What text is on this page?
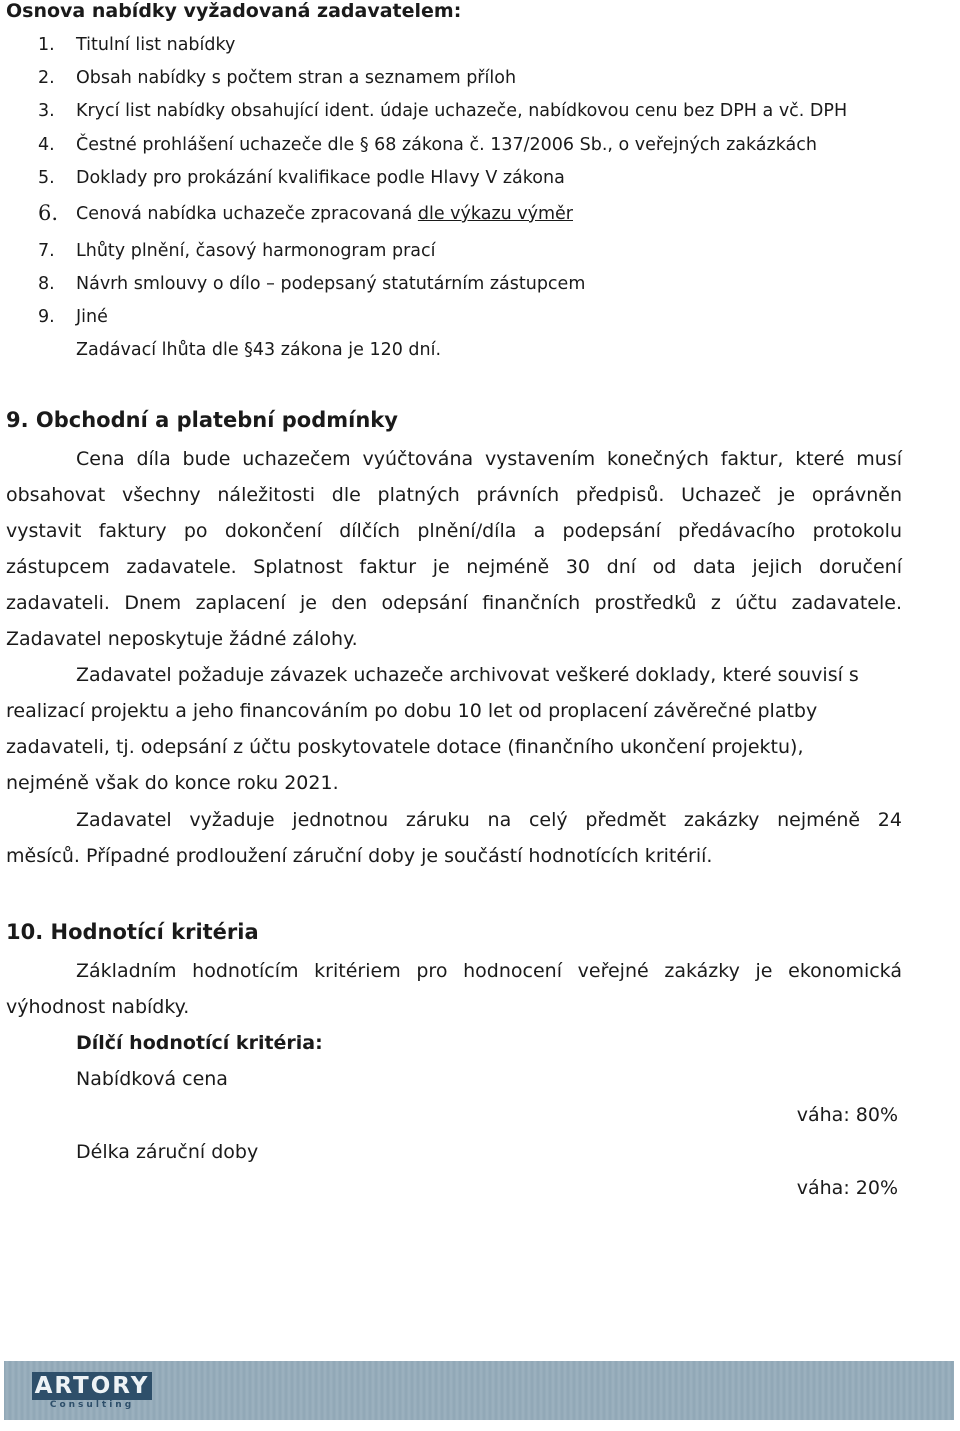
Osnova nabídky vyžadovaná zadavatelem:
1.	Titulní list nabídky
2.	Obsah nabídky s počtem stran a seznamem příloh
3.	Krycí list nabídky obsahující ident. údaje uchazeče, nabídkovou cenu bez DPH a vč. DPH
4.	Čestné prohlášení uchazeče dle § 68 zákona č. 137/2006 Sb., o veřejných zakázkách
5.	Doklady pro prokázání kvalifikace podle Hlavy V zákona
6.	Cenová nabídka uchazeče zpracovaná dle výkazu výměr
7.	Lhůty plnění, časový harmonogram prací
8.	Návrh smlouvy o dílo – podepsaný statutárním zástupcem
9.	Jiné
Zadávací lhůta dle §43 zákona je 120 dní.
9. Obchodní a platební podmínky
Cena díla bude uchazečem vyúčtována vystavením konečných faktur, které musí
obsahovat všechny náležitosti dle platných právních předpisů. Uchazeč je oprávněn
vystavit faktury po dokončení dílčích plnění/díla a podepsání předávacího protokolu
zástupcem zadavatele. Splatnost faktur je nejméně 30 dní od data jejich doručení
zadavateli. Dnem zaplacení je den odepsání finančních prostředků z účtu zadavatele.
Zadavatel neposkytuje žádné zálohy.
Zadavatel požaduje závazek uchazeče archivovat veškeré doklady, které souvisí s
realizací projektu a jeho financováním po dobu 10 let od proplacení závěrečné platby
zadavateli, tj. odepsání z účtu poskytovatele dotace (finančního ukončení projektu),
nejméně však do konce roku 2021.
Zadavatel vyžaduje jednotnou záruku na celý předmět zakázky nejméně 24
měsíců. Případné prodloužení záruční doby je součástí hodnotících kritérií.
10. Hodnotící kritéria
Základním hodnotícím kritériem pro hodnocení veřejné zakázky je ekonomická
výhodnost nabídky.
Dílčí hodnotící kritéria:
Nabídková cena
váha: 80%
Délka záruční doby
váha: 20%
ARTORY
Consulting
